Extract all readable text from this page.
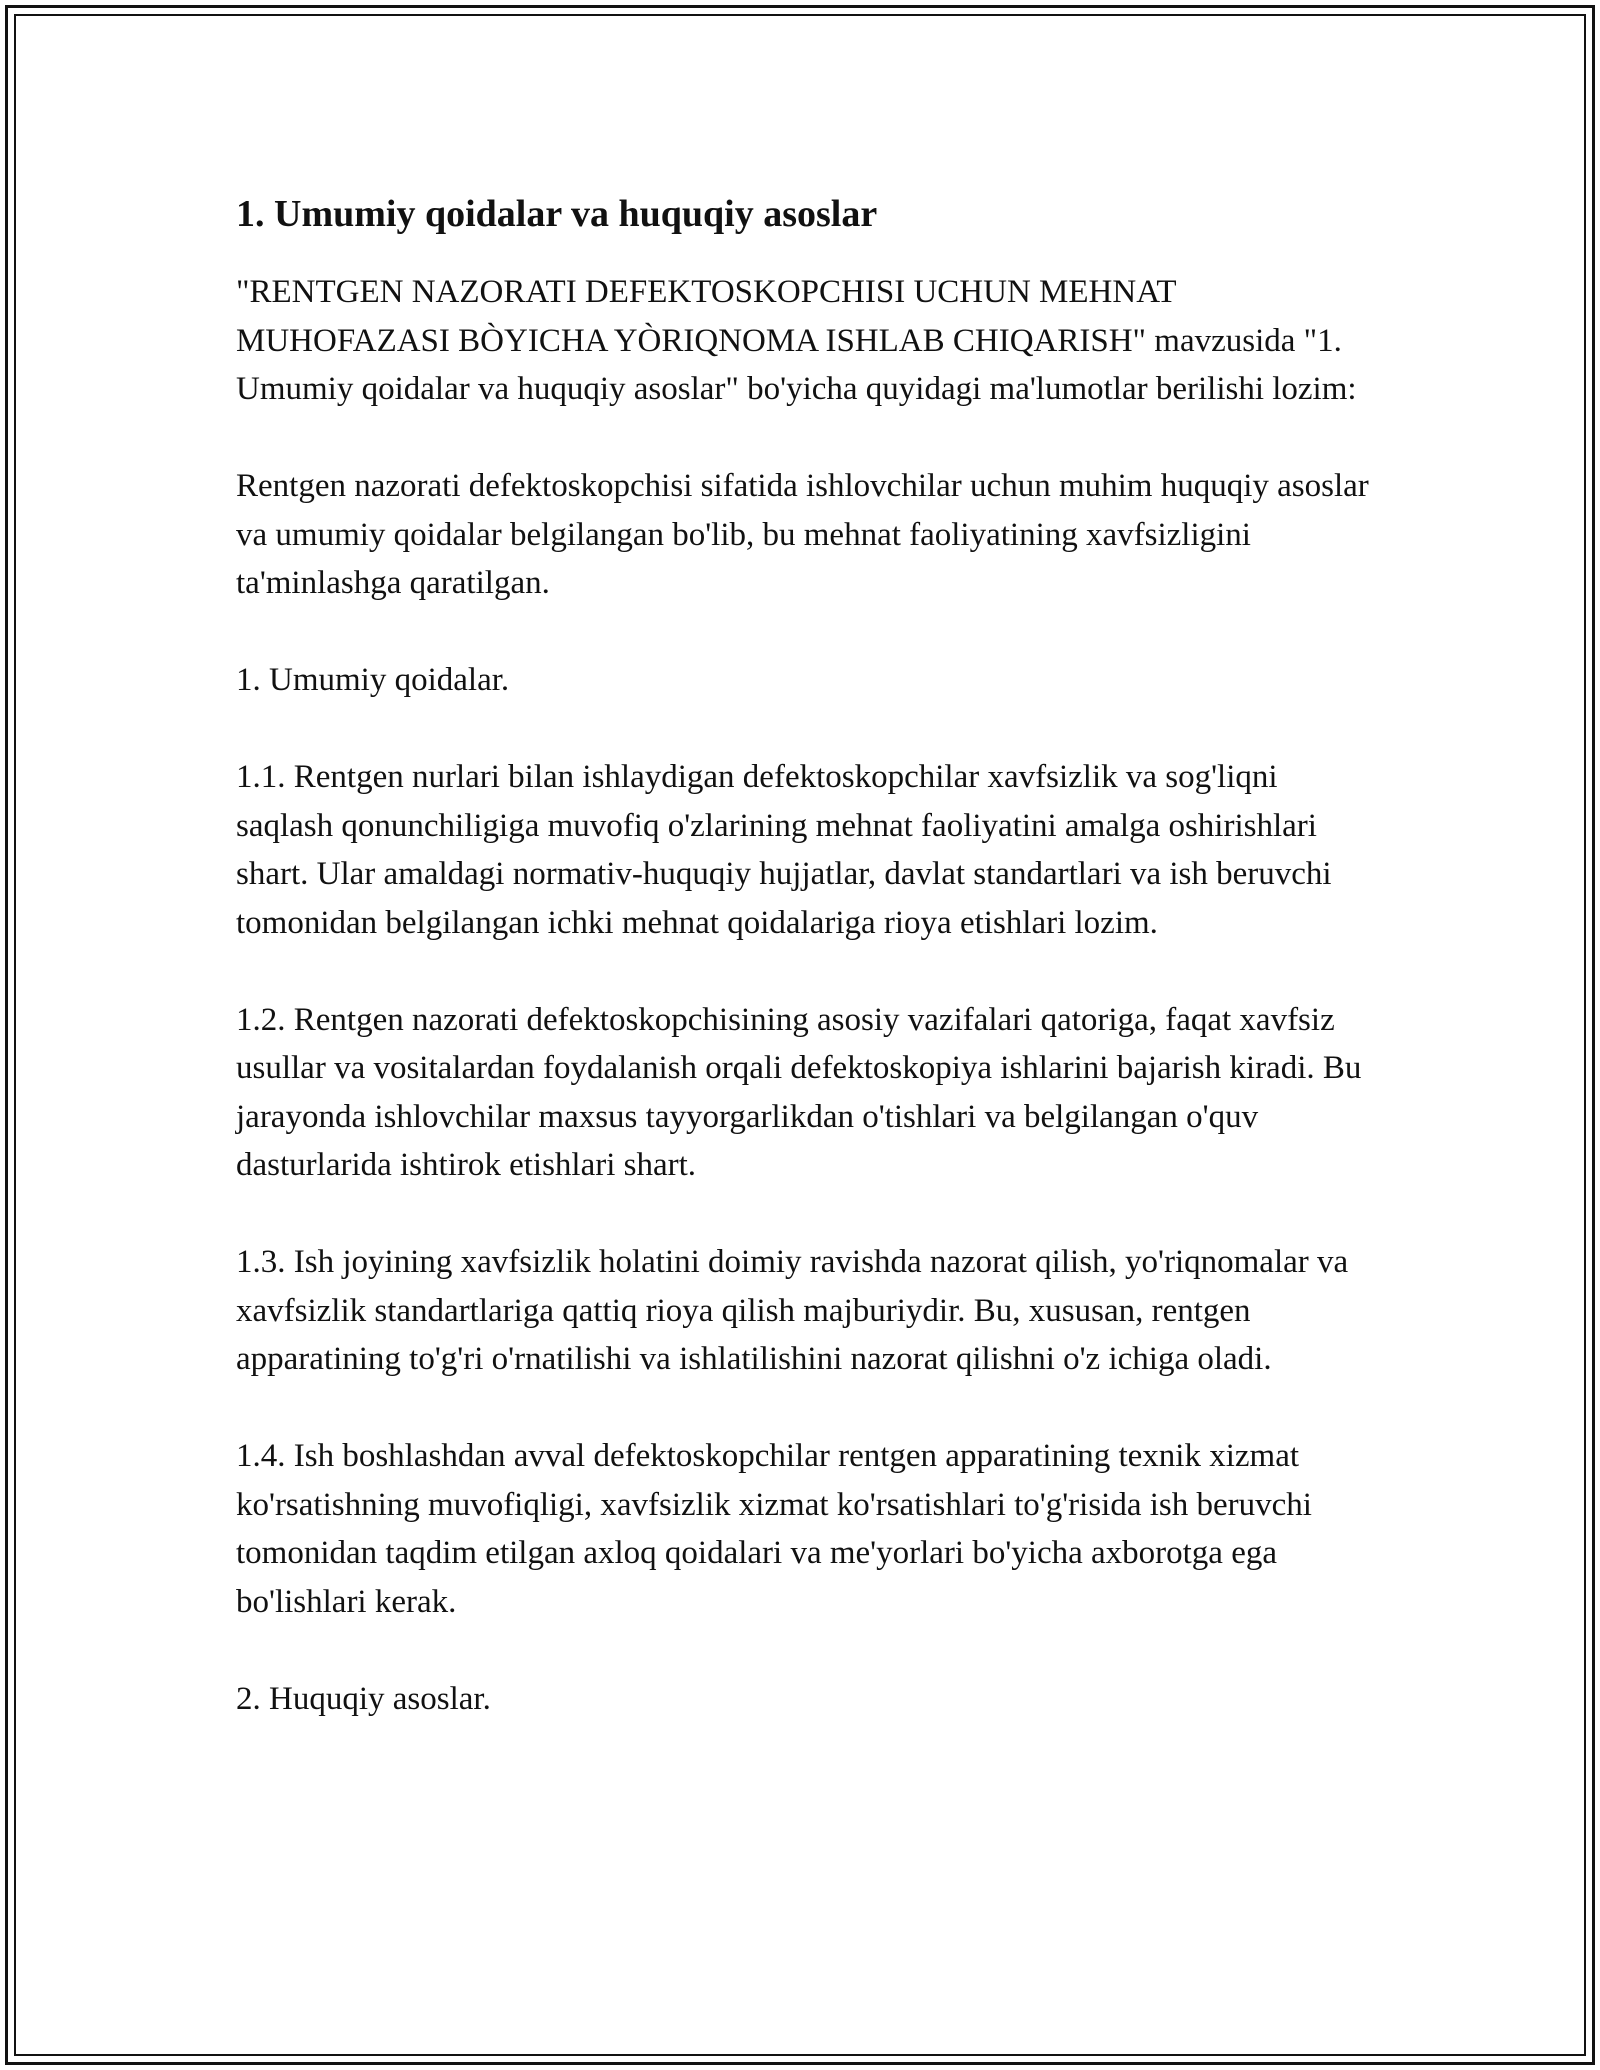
1. Umumiy qoidalar va huquqiy asoslar

"RENTGEN NAZORATI DEFEKTOSKOPCHISI UCHUN MEHNAT MUHOFAZASI BÒYICHA YÒRIQNOMA ISHLAB CHIQARISH" mavzusida "1. Umumiy qoidalar va huquqiy asoslar" bo'yicha quyidagi ma'lumotlar berilishi lozim:

Rentgen nazorati defektoskopchisi sifatida ishlovchilar uchun muhim huquqiy asoslar va umumiy qoidalar belgilangan bo'lib, bu mehnat faoliyatining xavfsizligini ta'minlashga qaratilgan.

1. Umumiy qoidalar.

1.1. Rentgen nurlari bilan ishlaydigan defektoskopchilar xavfsizlik va sog'liqni saqlash qonunchiligiga muvofiq o'zlarining mehnat faoliyatini amalga oshirishlari shart. Ular amaldagi normativ-huquqiy hujjatlar, davlat standartlari va ish beruvchi tomonidan belgilangan ichki mehnat qoidalariga rioya etishlari lozim.

1.2. Rentgen nazorati defektoskopchisining asosiy vazifalari qatoriga, faqat xavfsiz usullar va vositalardan foydalanish orqali defektoskopiya ishlarini bajarish kiradi. Bu jarayonda ishlovchilar maxsus tayyorgarlikdan o'tishlari va belgilangan o'quv dasturlarida ishtirok etishlari shart.

1.3. Ish joyining xavfsizlik holatini doimiy ravishda nazorat qilish, yo'riqnomalar va xavfsizlik standartlariga qattiq rioya qilish majburiydir. Bu, xususan, rentgen apparatining to'g'ri o'rnatilishi va ishlatilishini nazorat qilishni o'z ichiga oladi.

1.4. Ish boshlashdan avval defektoskopchilar rentgen apparatining texnik xizmat ko'rsatishning muvofiqligi, xavfsizlik xizmat ko'rsatishlari to'g'risida ish beruvchi tomonidan taqdim etilgan axloq qoidalari va me'yorlari bo'yicha axborotga ega bo'lishlari kerak.

2. Huquqiy asoslar.
